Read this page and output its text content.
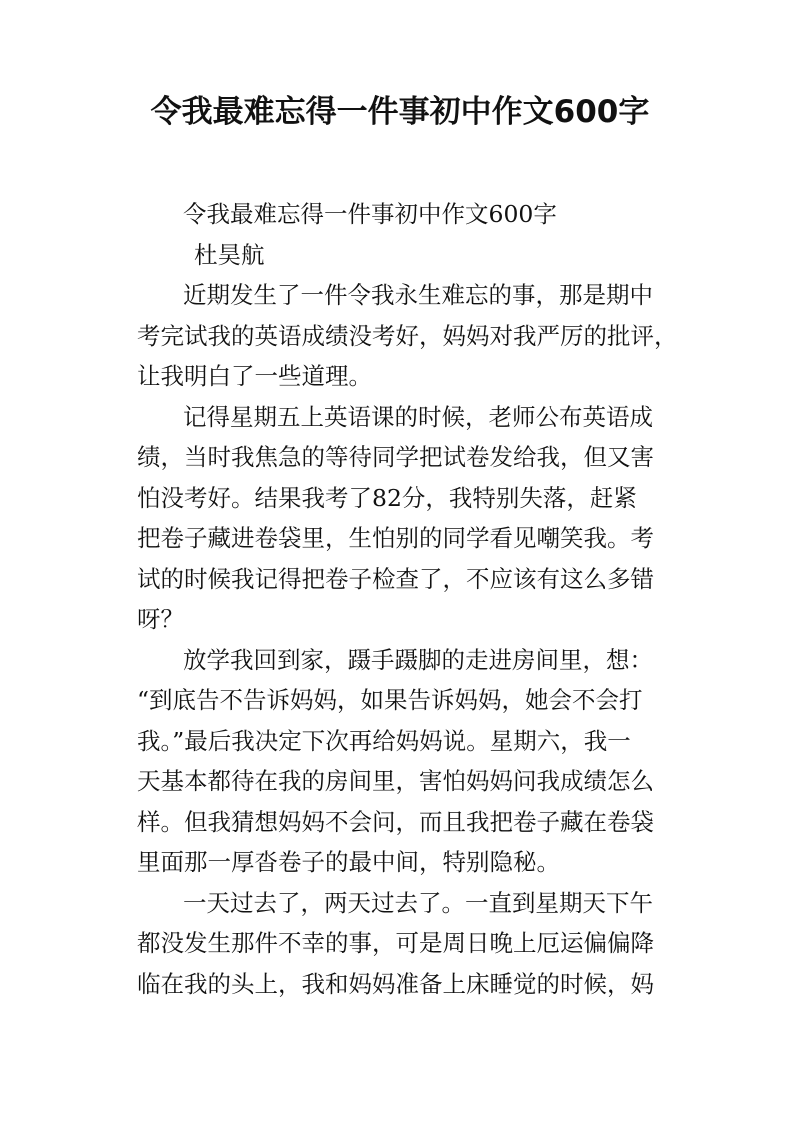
令我最难忘得一件事初中作文600字
令我最难忘得一件事初中作文600字
杜昊航
近期发生了一件令我永生难忘的事，那是期中
考完试我的英语成绩没考好，妈妈对我严厉的批评，
让我明白了一些道理。
记得星期五上英语课的时候，老师公布英语成
绩，当时我焦急的等待同学把试卷发给我，但又害
怕没考好。结果我考了82分，我特别失落，赶紧
把卷子藏进卷袋里，生怕别的同学看见嘲笑我。考
试的时候我记得把卷子检查了，不应该有这么多错
呀？
放学我回到家，蹑手蹑脚的走进房间里，想：
“到底告不告诉妈妈，如果告诉妈妈，她会不会打
我。”最后我决定下次再给妈妈说。星期六，我一
天基本都待在我的房间里，害怕妈妈问我成绩怎么
样。但我猜想妈妈不会问，而且我把卷子藏在卷袋
里面那一厚沓卷子的最中间，特别隐秘。
一天过去了，两天过去了。一直到星期天下午
都没发生那件不幸的事，可是周日晚上厄运偏偏降
临在我的头上，我和妈妈准备上床睡觉的时候，妈
